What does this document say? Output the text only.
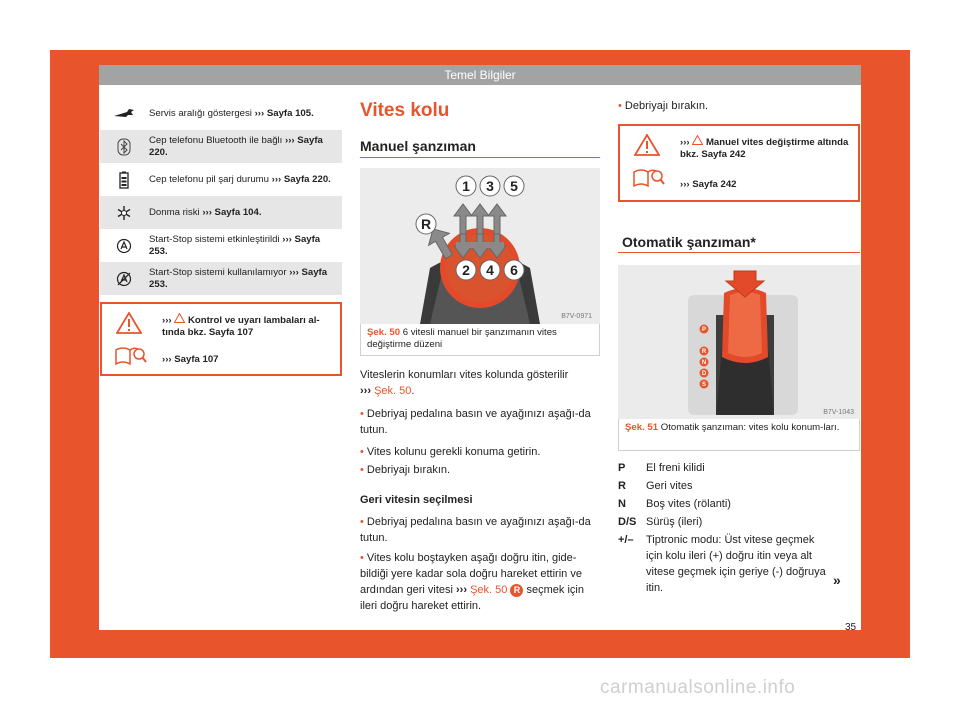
Temel Bilgiler
Servis aralığı göstergesi ››› Sayfa 105.
Cep telefonu Bluetooth ile bağlı ››› Sayfa 220.
Cep telefonu pil şarj durumu ››› Sayfa 220.
Donma riski ››› Sayfa 104.
Start-Stop sistemi etkinleştirildi ››› Sayfa 253.
Start-Stop sistemi kullanılamıyor ››› Sayfa 253.
››› Kontrol ve uyarı lambaları al-tında bkz. Sayfa 107
››› Sayfa 107
Vites kolu
Manuel şanzıman
1 3 5
2 4 6
R
B7V-0971
Şek. 50 6 vitesli manuel bir şanzımanın vites değiştirme düzeni
Viteslerin konumları vites kolunda gösterilir
››› Şek. 50.
• Debriyaj pedalına basın ve ayağınızı aşağı-da tutun.
• Vites kolunu gerekli konuma getirin.
• Debriyajı bırakın.
Geri vitesin seçilmesi
• Debriyaj pedalına basın ve ayağınızı aşağı-da tutun.
• Vites kolu boştayken aşağı doğru itin, gide-bildiği yere kadar sola doğru hareket ettirin ve ardından geri vitesi ››› Şek. 50 R seçmek için ileri doğru hareket ettirin.
• Debriyajı bırakın.
››› Manuel vites değiştirme altında bkz. Sayfa 242
››› Sayfa 242
Otomatik şanzıman*
P
R
N
D
S
B7V-1043
Şek. 51 Otomatik şanzıman: vites kolu konum-ları.
P	El freni kilidi
R	Geri vites
N	Boş vites (rölanti)
D/S Sürüş (ileri)
+/–	Tiptronic modu: Üst vitese geçmek için kolu ileri (+) doğru itin veya alt vitese geçmek için geriye (-) doğruya itin.	»
35
carmanualsonline.info
